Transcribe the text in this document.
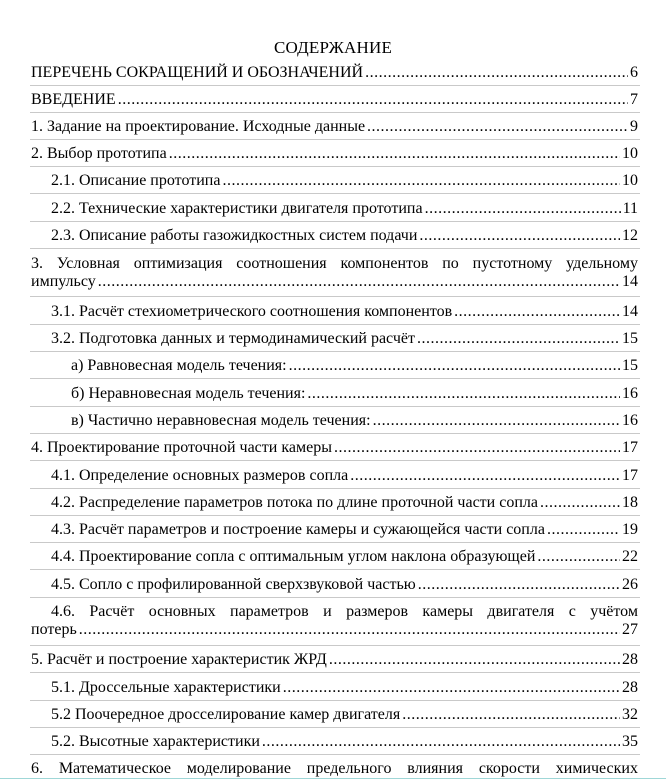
СОДЕРЖАНИЕ
ПЕРЕЧЕНЬ СОКРАЩЕНИЙ И ОБОЗНАЧЕНИЙ .....	6
ВВЕДЕНИЕ .....	7
1. Задание на проектирование. Исходные данные .....	9
2. Выбор прототипа .....	10
2.1. Описание прототипа .....	10
2.2. Технические характеристики двигателя прототипа .....	11
2.3. Описание работы газожидкостных систем подачи .....	12
3. Условная оптимизация соотношения компонентов по пустотному удельному
импульсу .....	14
3.1. Расчёт стехиометрического соотношения компонентов .....	14
3.2. Подготовка данных и термодинамический расчёт .....	15
а) Равновесная модель течения: .....	15
б) Неравновесная модель течения: .....	16
в) Частично неравновесная модель течения: .....	16
4. Проектирование проточной части камеры .....	17
4.1. Определение основных размеров сопла .....	17
4.2. Распределение параметров потока по длине проточной части сопла .....	18
4.3. Расчёт параметров и построение камеры и сужающейся части сопла .....	19
4.4. Проектирование сопла с оптимальным углом наклона образующей .....	22
4.5. Сопло с профилированной сверхзвуковой частью .....	26
4.6. Расчёт основных параметров и размеров камеры двигателя с учётом
потерь .....	27
5. Расчёт и построение характеристик ЖРД .....	28
5.1. Дроссельные характеристики .....	28
5.2 Поочередное дросселирование камер двигателя .....	32
5.2. Высотные характеристики .....	35
6. Математическое моделирование предельного влияния скорости химических
